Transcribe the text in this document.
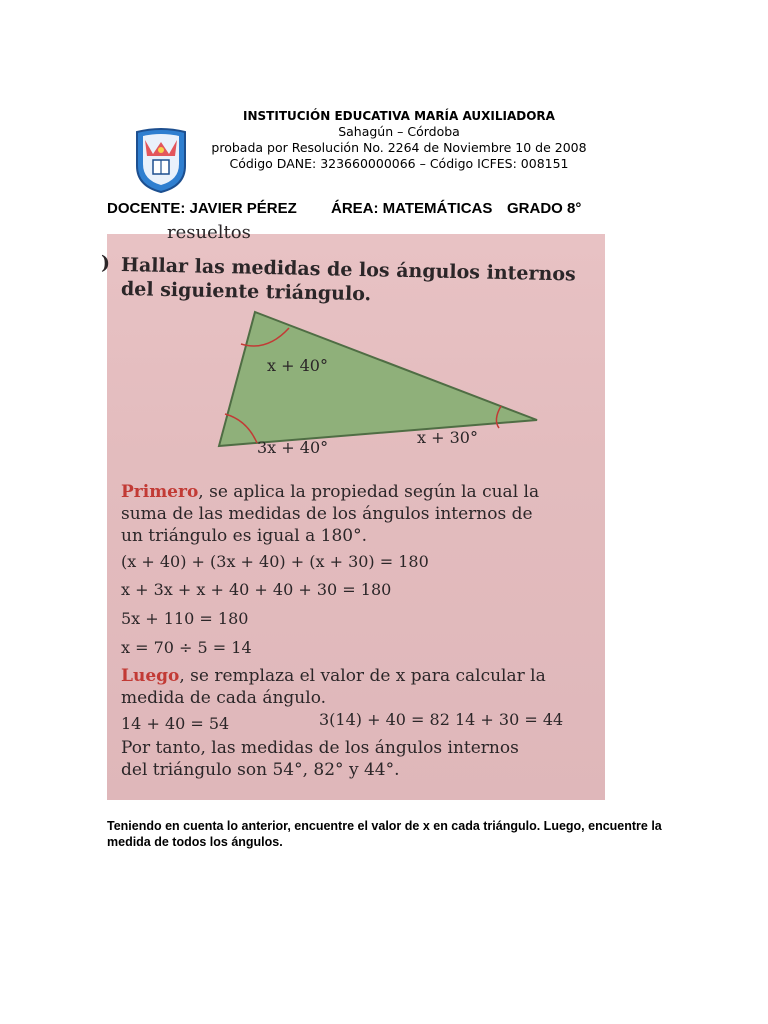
INSTITUCIÓN EDUCATIVA MARÍA AUXILIADORA
Sahagún – Córdoba
probada por Resolución No. 2264 de Noviembre 10 de 2008
Código DANE: 323660000066 – Código ICFES: 008151
DOCENTE: JAVIER PÉREZ ÁREA: MATEMÁTICAS GRADO 8°
resueltos
) Hallar las medidas de los ángulos internos
del siguiente triángulo.
x + 40°
3x + 40°
x + 30°
Primero, se aplica la propiedad según la cual la
suma de las medidas de los ángulos internos de
un triángulo es igual a 180°.
(x + 40) + (3x + 40) + (x + 30) = 180
x + 3x + x + 40 + 40 + 30 = 180
5x + 110 = 180
x = 70 ÷ 5 = 14
Luego, se remplaza el valor de x para calcular la
medida de cada ángulo.
14 + 40 = 54	3(14) + 40 = 82 14 + 30 = 44
Por tanto, las medidas de los ángulos internos
del triángulo son 54°, 82° y 44°.
Teniendo en cuenta lo anterior, encuentre el valor de x en cada triángulo. Luego, encuentre la medida de todos los ángulos.
